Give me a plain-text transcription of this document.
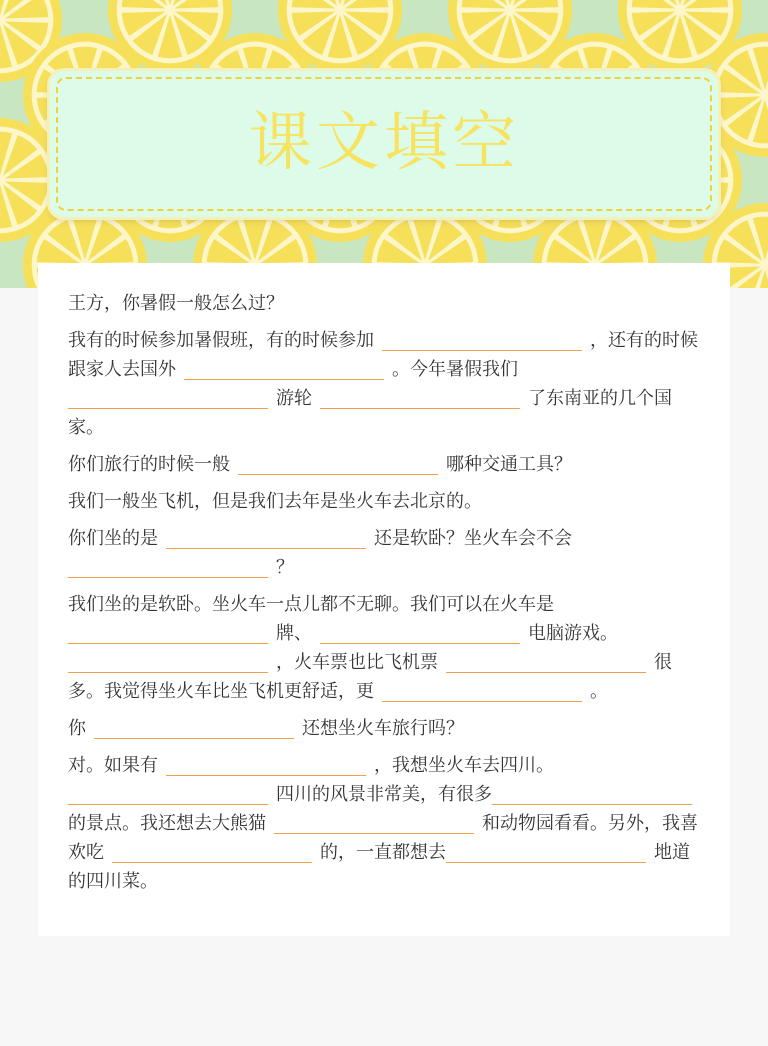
课文填空
王方，你暑假一般怎么过？
我有的时候参加暑假班，有的时候参加	，还有的时候跟家人去国外	。今年暑假我们游轮	了东南亚的几个国家。
你们旅行的时候一般	哪种交通工具？
我们一般坐飞机，但是我们去年是坐火车去北京的。
你们坐的是	还是软卧？坐火车会不会？
我们坐的是软卧。坐火车一点儿都不无聊。我们可以在火车是牌、	电脑游戏。，火车票也比飞机票	很多。我觉得坐火车比坐飞机更舒适，更	。
你	还想坐火车旅行吗？
对。如果有	，我想坐火车去四川。四川的风景非常美，有很多的景点。我还想去大熊猫	和动物园看看。另外，我喜欢吃	的，一直都想去	地道的四川菜。
